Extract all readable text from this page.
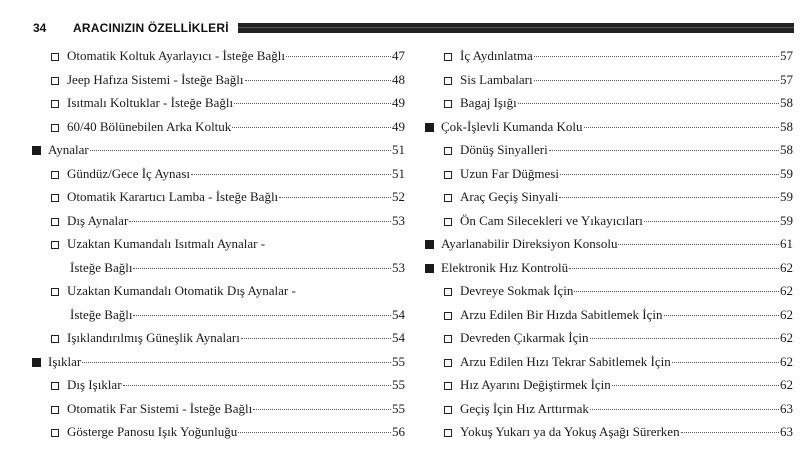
34 ARACINIZIN ÖZELLİKLERİ
Otomatik Koltuk Ayarlayıcı - İsteğe Bağlı	47
Jeep Hafıza Sistemi - İsteğe Bağlı	48
Isıtmalı Koltuklar - İsteğe Bağlı	49
60/40 Bölünebilen Arka Koltuk	49
Aynalar	51
Gündüz/Gece İç Aynası	51
Otomatik Karartıcı Lamba - İsteğe Bağlı	52
Dış Aynalar	53
Uzaktan Kumandalı Isıtmalı Aynalar -
İsteğe Bağlı	53
Uzaktan Kumandalı Otomatik Dış Aynalar -
İsteğe Bağlı	54
Işıklandırılmış Güneşlik Aynaları	54
Işıklar	55
Dış Işıklar	55
Otomatik Far Sistemi - İsteğe Bağlı	55
Gösterge Panosu Işık Yoğunluğu	56
İç Aydınlatma	57
Sis Lambaları	57
Bagaj Işığı	58
Çok-İşlevli Kumanda Kolu	58
Dönüş Sinyalleri	58
Uzun Far Düğmesi	59
Araç Geçiş Sinyali	59
Ön Cam Silecekleri ve Yıkayıcıları	59
Ayarlanabilir Direksiyon Konsolu	61
Elektronik Hız Kontrolü	62
Devreye Sokmak İçin	62
Arzu Edilen Bir Hızda Sabitlemek İçin	62
Devreden Çıkarmak İçin	62
Arzu Edilen Hızı Tekrar Sabitlemek İçin	62
Hız Ayarını Değiştirmek İçin	62
Geçiş İçin Hız Arttırmak	63
Yokuş Yukarı ya da Yokuş Aşağı Sürerken	63
